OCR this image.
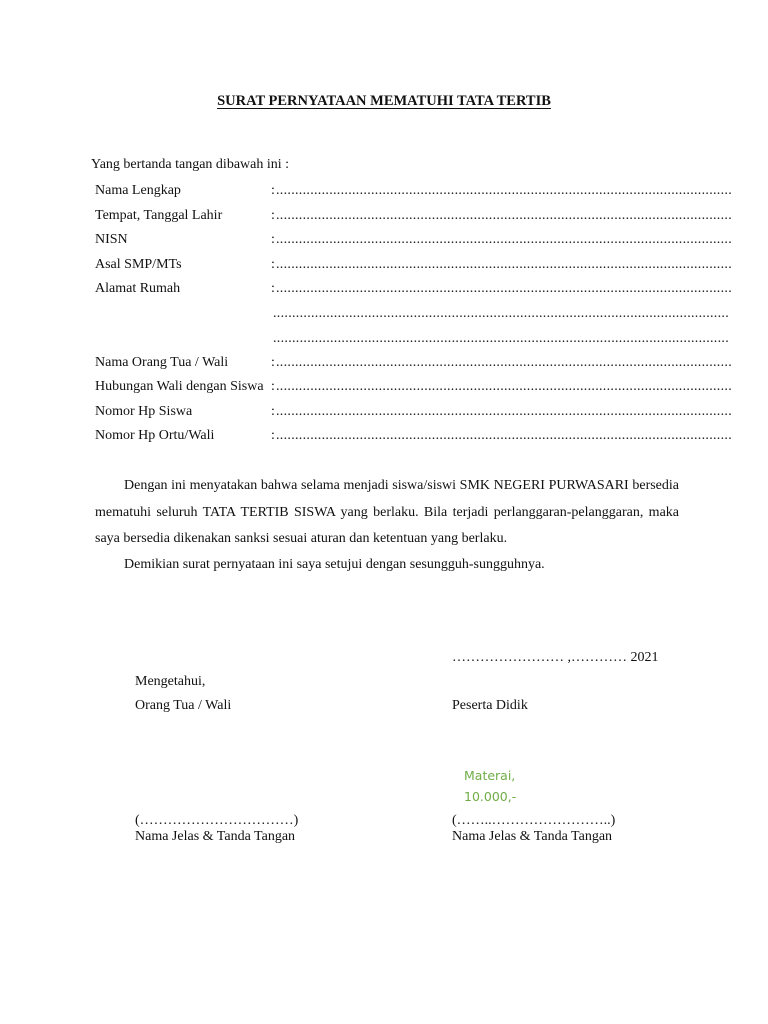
SURAT PERNYATAAN MEMATUHI TATA TERTIB
Yang bertanda tangan dibawah ini :
Nama Lengkap	: ........................................................................................................................
Tempat, Tanggal Lahir	: ........................................................................................................................
NISN	: ........................................................................................................................
Asal SMP/MTs	: ........................................................................................................................
Alamat Rumah	: ........................................................................................................................
........................................................................................................................
........................................................................................................................
Nama Orang Tua / Wali	: ........................................................................................................................
Hubungan Wali dengan Siswa : ........................................................................................................................
Nomor Hp Siswa	: ........................................................................................................................
Nomor Hp Ortu/Wali	: ........................................................................................................................

Dengan ini menyatakan bahwa selama menjadi siswa/siswi SMK NEGERI PURWASARI bersedia mematuhi seluruh TATA TERTIB SISWA yang berlaku. Bila terjadi perlanggaran-pelanggaran, maka saya bersedia dikenakan sanksi sesuai aturan dan ketentuan yang berlaku.

Demikian surat pernyataan ini saya setujui dengan sesungguh-sungguhnya.

…………………… ,………… 2021
Mengetahui,
Orang Tua / Wali	Peserta Didik
Materai,
10.000,-
(……………………………)	(……..……………………..)
Nama Jelas & Tanda Tangan	Nama Jelas & Tanda Tangan
